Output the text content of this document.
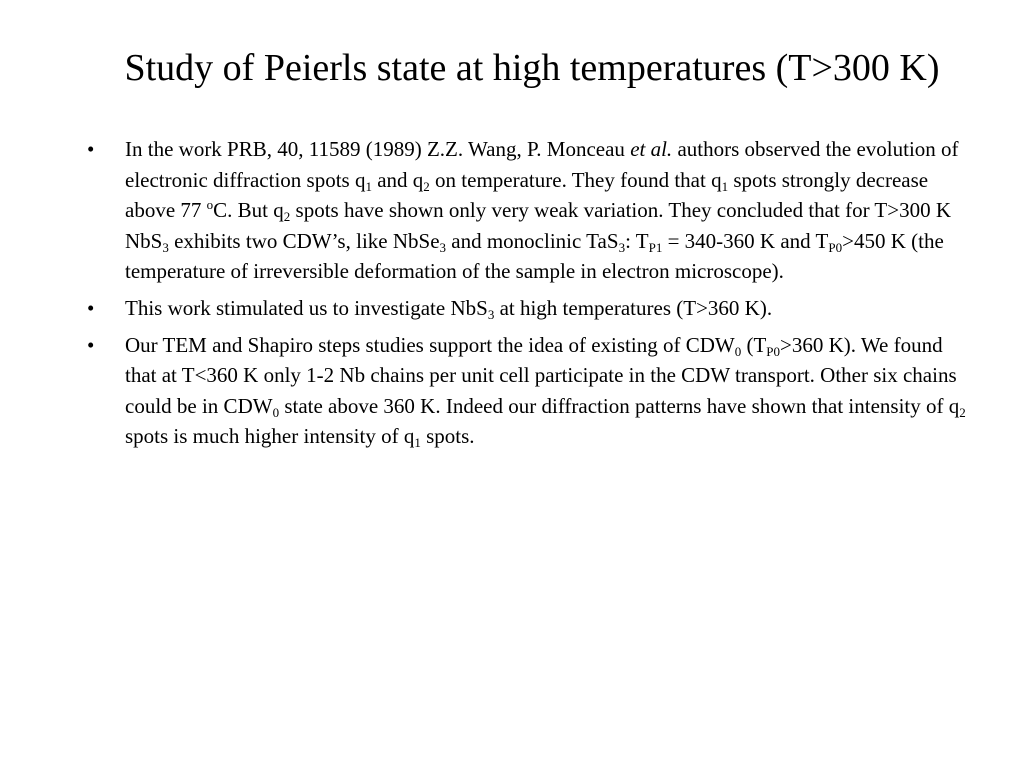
Study of Peierls state at high temperatures (T>300 K)
• In the work PRB, 40, 11589 (1989) Z.Z. Wang, P. Monceau et al. authors observed the evolution of electronic diffraction spots $q_1$ and $q_2$ on temperature. They found that $q_1$ spots strongly decrease above 77 $^o$C. But $q_2$ spots have shown only very weak variation. They concluded that for T>300 K NbS$_3$ exhibits two CDW’s, like NbSe$_3$ and monoclinic TaS$_3$: $T_{P1} = 340-360$ K and $T_{P0}>450$ K (the temperature of irreversible deformation of the sample in electron microscope).
• This work stimulated us to investigate NbS$_3$ at high temperatures (T>360 K).
• Our TEM and Shapiro steps studies support the idea of existing of $CDW_0$ ($T_{P0}>360$ K). We found that at T<360 K only 1-2 Nb chains per unit cell participate in the CDW transport. Other six chains could be in $CDW_0$ state above 360 K. Indeed our diffraction patterns have shown that intensity of $q_2$ spots is much higher intensity of $q_1$ spots.
